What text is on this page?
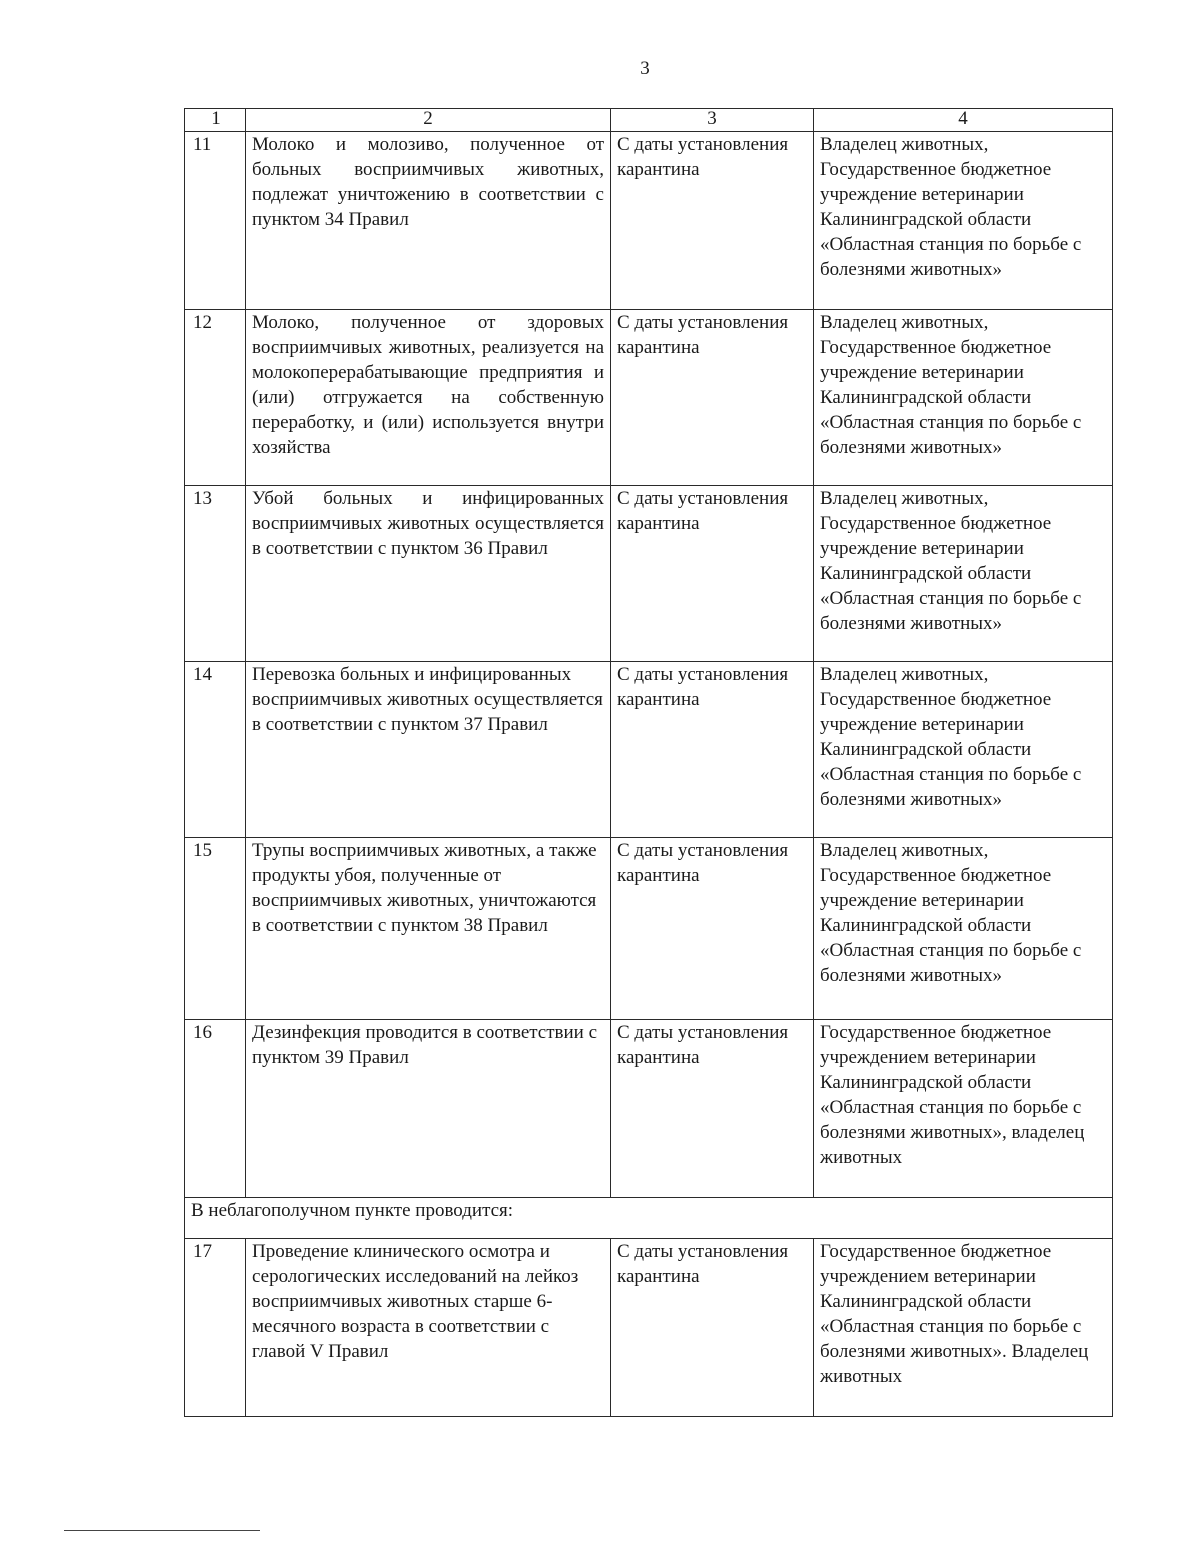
3
1	2	3	4
11	Молоко и молозиво, полученное от больных восприимчивых животных, подлежат уничтожению в соответствии с пунктом 34 Правил	С даты установления карантина	Владелец животных, Государственное бюджетное учреждение ветеринарии Калининградской области «Областная станция по борьбе с болезнями животных»
12	Молоко, полученное от здоровых восприимчивых животных, реализуется на молокоперерабатывающие предприятия и (или) отгружается на собственную переработку, и (или) используется внутри хозяйства	С даты установления карантина	Владелец животных, Государственное бюджетное учреждение ветеринарии Калининградской области «Областная станция по борьбе с болезнями животных»
13	Убой больных и инфицированных восприимчивых животных осуществляется в соответствии с пунктом 36 Правил	С даты установления карантина	Владелец животных, Государственное бюджетное учреждение ветеринарии Калининградской области «Областная станция по борьбе с болезнями животных»
14	Перевозка больных и инфицированных восприимчивых животных осуществляется в соответствии с пунктом 37 Правил	С даты установления карантина	Владелец животных, Государственное бюджетное учреждение ветеринарии Калининградской области «Областная станция по борьбе с болезнями животных»
15	Трупы восприимчивых животных, а также продукты убоя, полученные от восприимчивых животных, уничтожаются в соответствии с пунктом 38 Правил	С даты установления карантина	Владелец животных, Государственное бюджетное учреждение ветеринарии Калининградской области «Областная станция по борьбе с болезнями животных»
16	Дезинфекция проводится в соответствии с пунктом 39 Правил	С даты установления карантина	Государственное бюджетное учреждением ветеринарии Калининградской области «Областная станция по борьбе с болезнями животных», владелец животных
В неблагополучном пункте проводится:			
17	Проведение клинического осмотра и серологических исследований на лейкоз восприимчивых животных старше 6-месячного возраста в соответствии с главой V Правил	С даты установления карантина	Государственное бюджетное учреждением ветеринарии Калининградской области «Областная станция по борьбе с болезнями животных». Владелец животных
